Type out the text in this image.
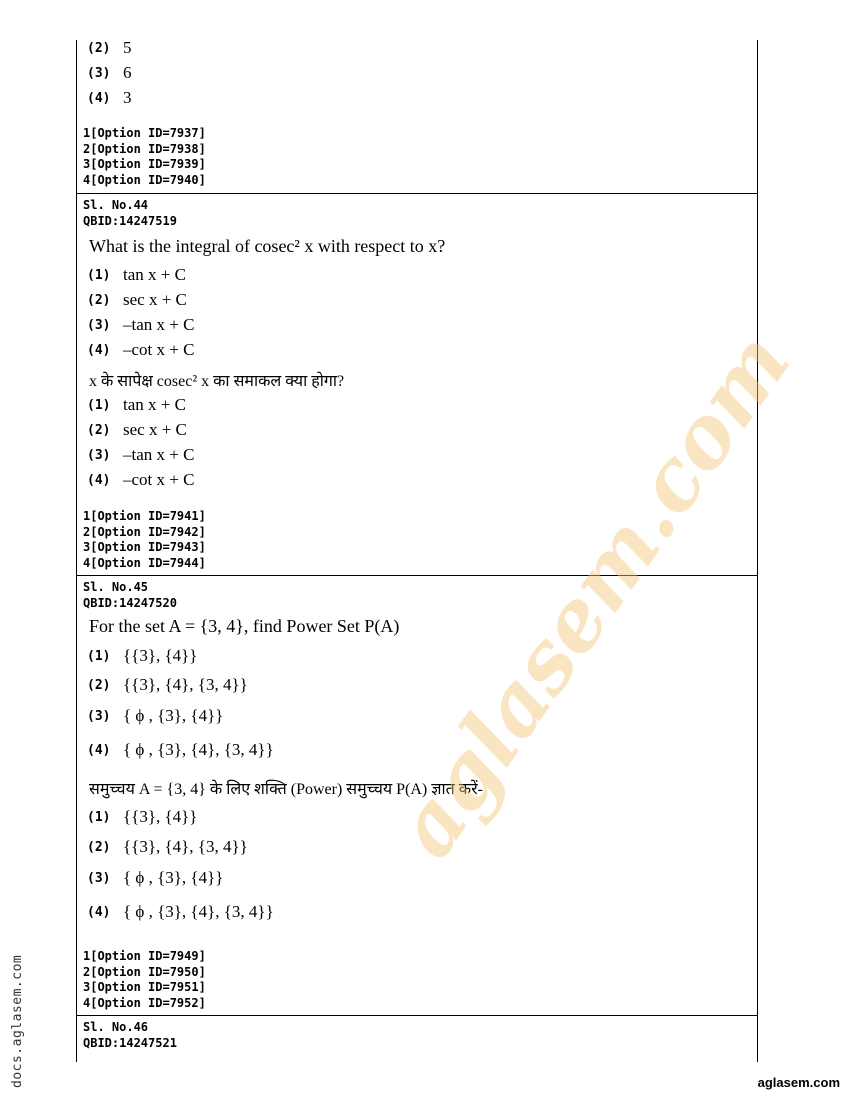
(2) 5
(3) 6
(4) 3
1[Option ID=7937]
2[Option ID=7938]
3[Option ID=7939]
4[Option ID=7940]
Sl. No.44
QBID:14247519
What is the integral of cosec² x with respect to x?
(1) tan x + C
(2) sec x + C
(3) –tan x + C
(4) –cot x + C
x के सापेक्ष cosec² x का समाकल क्या होगा?
(1) tan x + C
(2) sec x + C
(3) –tan x + C
(4) –cot x + C
1[Option ID=7941]
2[Option ID=7942]
3[Option ID=7943]
4[Option ID=7944]
Sl. No.45
QBID:14247520
For the set A = {3, 4}, find Power Set P(A)
(1) {{3}, {4}}
(2) {{3}, {4}, {3, 4}}
(3) { ϕ , {3}, {4}}
(4) { ϕ , {3}, {4}, {3, 4}}
समुच्चय A = {3, 4} के लिए शक्ति (Power) समुच्चय P(A) ज्ञात करें-
(1) {{3}, {4}}
(2) {{3}, {4}, {3, 4}}
(3) { ϕ , {3}, {4}}
(4) { ϕ , {3}, {4}, {3, 4}}
1[Option ID=7949]
2[Option ID=7950]
3[Option ID=7951]
4[Option ID=7952]
Sl. No.46
QBID:14247521
aglasem.com
docs.aglasem.com	aglasem.com
